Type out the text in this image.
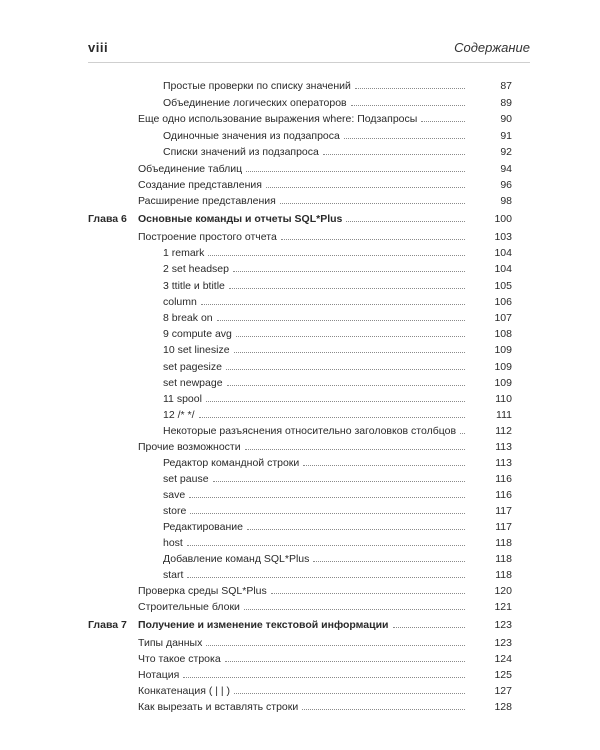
viii	Содержание
Простые проверки по списку значений	87
Объединение логических операторов	89
Еще одно использование выражения where: Подзапросы	90
Одиночные значения из подзапроса	91
Списки значений из подзапроса	92
Объединение таблиц	94
Создание представления	96
Расширение представления	98
Глава 6 Основные команды и отчеты SQL*Plus	100
Построение простого отчета	103
1 remark	104
2 set headsep	104
3 ttitle и btitle	105
column	106
8 break on	107
9 compute avg	108
10 set linesize	109
set pagesize	109
set newpage	109
11 spool	110
12 /* */	111
Некоторые разъяснения относительно заголовков столбцов	112
Прочие возможности	113
Редактор командной строки	113
set pause	116
save	116
store	117
Редактирование	117
host	118
Добавление команд SQL*Plus	118
start	118
Проверка среды SQL*Plus	120
Строительные блоки	121
Глава 7 Получение и изменение текстовой информации	123
Типы данных	123
Что такое строка	124
Нотация	125
Конкатенация ( | | )	127
Как вырезать и вставлять строки	128
